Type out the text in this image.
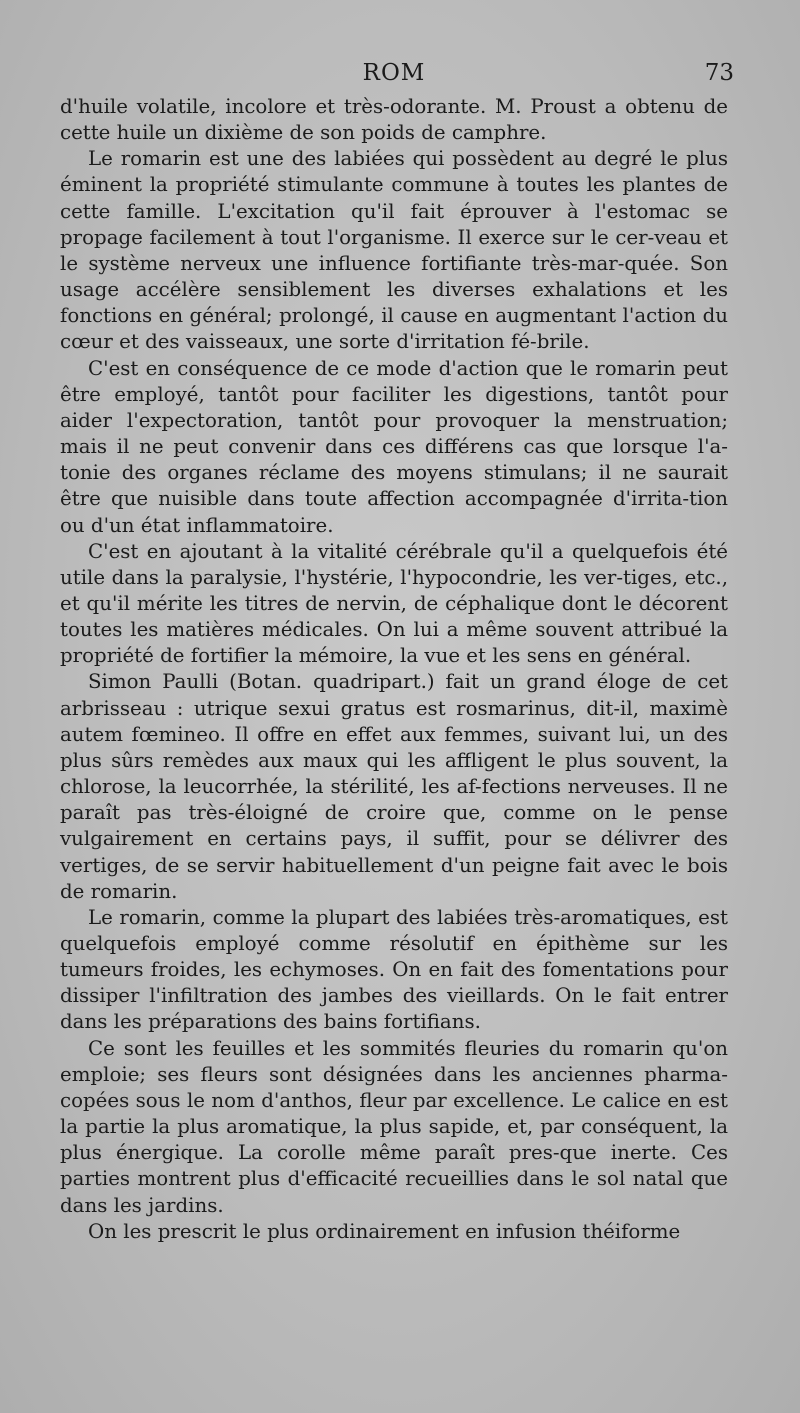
ROM	73

d'huile volatile, incolore et très-odorante. M. Proust a obtenu de cette huile un dixième de son poids de camphre.

Le romarin est une des labiées qui possèdent au degré le plus éminent la propriété stimulante commune à toutes les plantes de cette famille. L'excitation qu'il fait éprouver à l'estomac se propage facilement à tout l'organisme. Il exerce sur le cer-veau et le système nerveux une influence fortifiante très-mar-quée. Son usage accélère sensiblement les diverses exhalations et les fonctions en général; prolongé, il cause en augmentant l'action du cœur et des vaisseaux, une sorte d'irritation fé-brile.

C'est en conséquence de ce mode d'action que le romarin peut être employé, tantôt pour faciliter les digestions, tantôt pour aider l'expectoration, tantôt pour provoquer la menstruation; mais il ne peut convenir dans ces différens cas que lorsque l'a-tonie des organes réclame des moyens stimulans; il ne saurait être que nuisible dans toute affection accompagnée d'irrita-tion ou d'un état inflammatoire.

C'est en ajoutant à la vitalité cérébrale qu'il a quelquefois été utile dans la paralysie, l'hystérie, l'hypocondrie, les ver-tiges, etc., et qu'il mérite les titres de nervin, de céphalique dont le décorent toutes les matières médicales. On lui a même souvent attribué la propriété de fortifier la mémoire, la vue et les sens en général.

Simon Paulli (Botan. quadripart.) fait un grand éloge de cet arbrisseau : utrique sexui gratus est rosmarinus, dit-il, maximè autem fœmineo. Il offre en effet aux femmes, suivant lui, un des plus sûrs remèdes aux maux qui les affligent le plus souvent, la chlorose, la leucorrhée, la stérilité, les af-fections nerveuses. Il ne paraît pas très-éloigné de croire que, comme on le pense vulgairement en certains pays, il suffit, pour se délivrer des vertiges, de se servir habituellement d'un peigne fait avec le bois de romarin.

Le romarin, comme la plupart des labiées très-aromatiques, est quelquefois employé comme résolutif en épithème sur les tumeurs froides, les echymoses. On en fait des fomentations pour dissiper l'infiltration des jambes des vieillards. On le fait entrer dans les préparations des bains fortifians.

Ce sont les feuilles et les sommités fleuries du romarin qu'on emploie; ses fleurs sont désignées dans les anciennes pharma-copées sous le nom d'anthos, fleur par excellence. Le calice en est la partie la plus aromatique, la plus sapide, et, par conséquent, la plus énergique. La corolle même paraît pres-que inerte. Ces parties montrent plus d'efficacité recueillies dans le sol natal que dans les jardins.

On les prescrit le plus ordinairement en infusion théiforme
